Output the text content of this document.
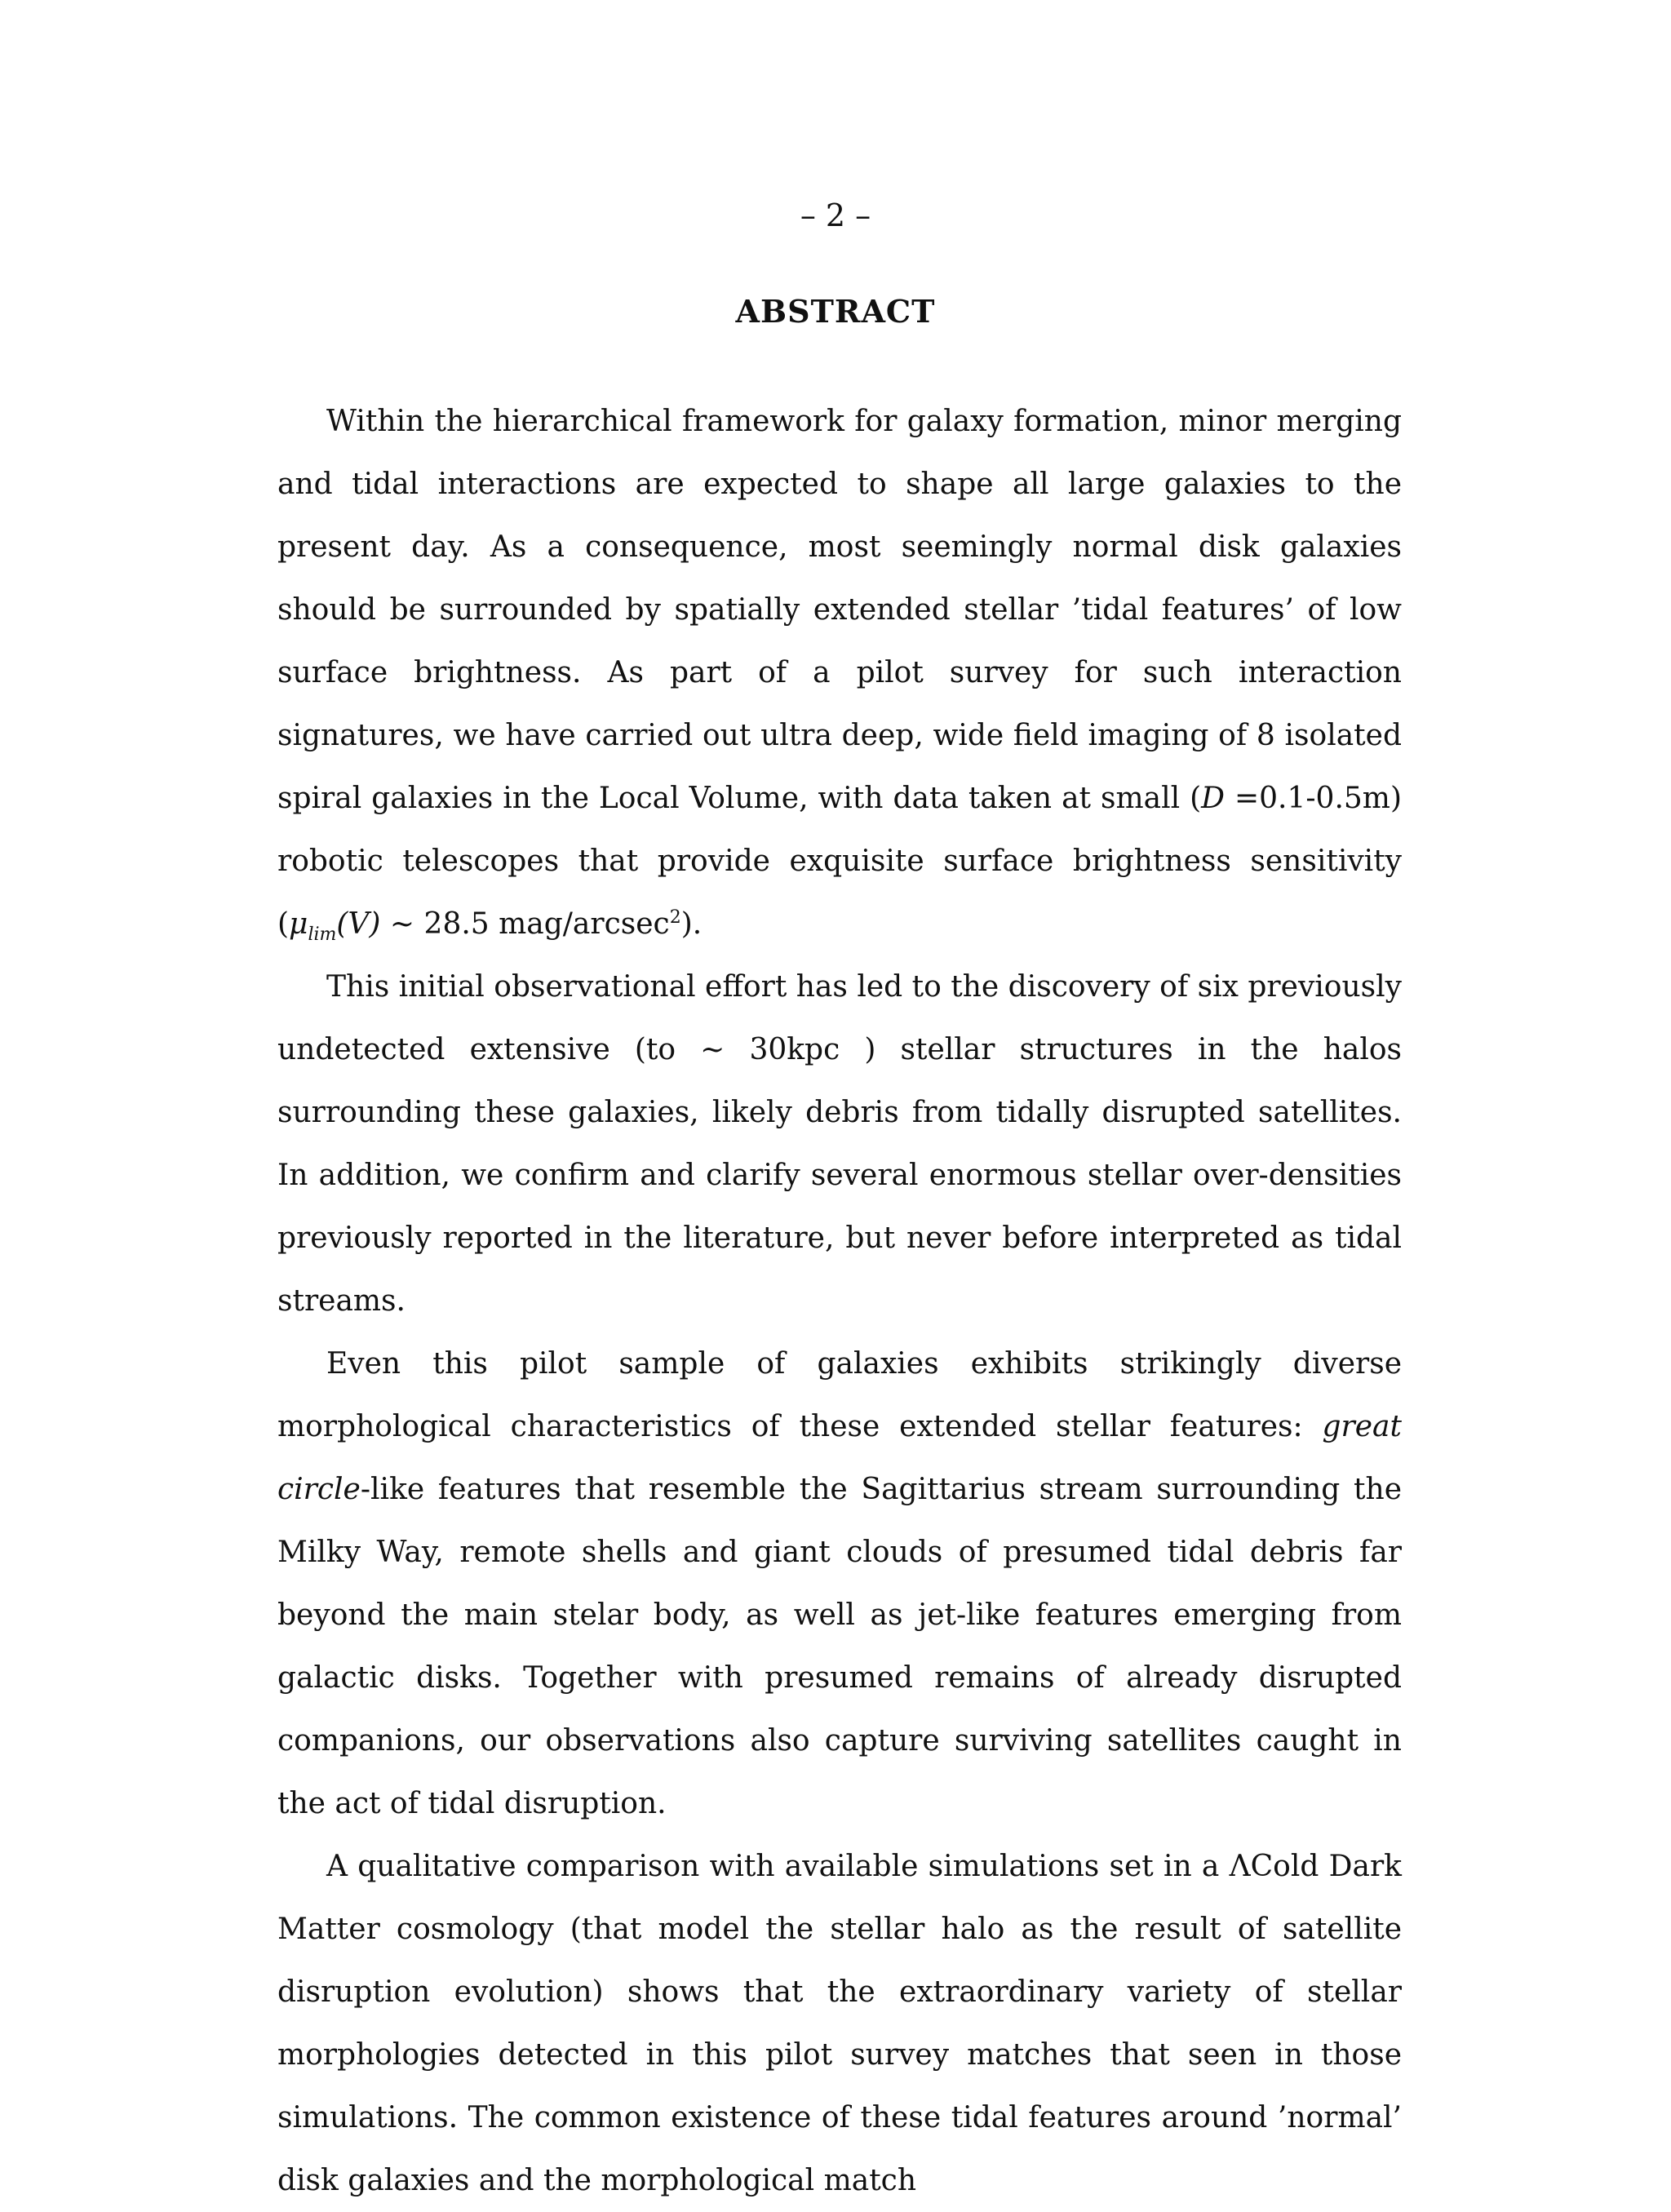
– 2 –
ABSTRACT

Within the hierarchical framework for galaxy formation, minor merging and tidal interactions are expected to shape all large galaxies to the present day. As a consequence, most seemingly normal disk galaxies should be surrounded by spatially extended stellar ’tidal features’ of low surface brightness. As part of a pilot survey for such interaction signatures, we have carried out ultra deep, wide field imaging of 8 isolated spiral galaxies in the Local Volume, with data taken at small (D =0.1-0.5m) robotic telescopes that provide exquisite surface brightness sensitivity ($\mu_{lim}(V)$ ∼ 28.5 mag/arcsec$^2$).

This initial observational effort has led to the discovery of six previously undetected extensive (to ∼ 30kpc ) stellar structures in the halos surrounding these galaxies, likely debris from tidally disrupted satellites. In addition, we confirm and clarify several enormous stellar over-densities previously reported in the literature, but never before interpreted as tidal streams.

Even this pilot sample of galaxies exhibits strikingly diverse morphological characteristics of these extended stellar features: great circle-like features that resemble the Sagittarius stream surrounding the Milky Way, remote shells and giant clouds of presumed tidal debris far beyond the main stelar body, as well as jet-like features emerging from galactic disks. Together with presumed remains of already disrupted companions, our observations also capture surviving satellites caught in the act of tidal disruption.

A qualitative comparison with available simulations set in a ΛCold Dark Matter cosmology (that model the stellar halo as the result of satellite disruption evolution) shows that the extraordinary variety of stellar morphologies detected in this pilot survey matches that seen in those simulations. The common existence of these tidal features around ’normal’ disk galaxies and the morphological match
